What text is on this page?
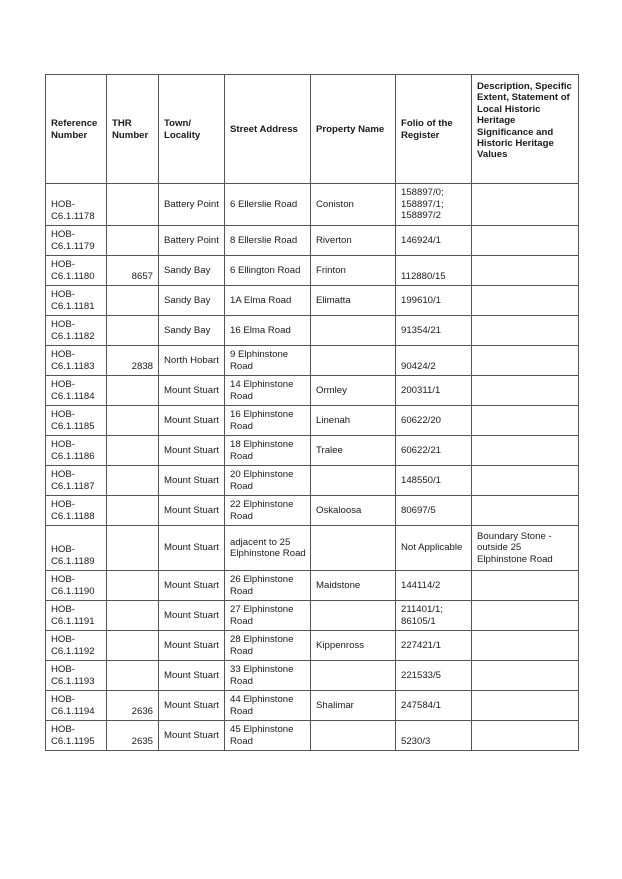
Reference Number	THR Number	Town/ Locality	Street Address	Property Name	Folio of the Register	Description, Specific Extent, Statement of Local Historic Heritage Significance and Historic Heritage Values
HOB-C6.1.1178		Battery Point	6 Ellerslie Road	Coniston	158897/0; 158897/1; 158897/2	
HOB-C6.1.1179		Battery Point	8 Ellerslie Road	Riverton	146924/1	
HOB-C6.1.1180	8657	Sandy Bay	6 Ellington Road	Frinton	112880/15	
HOB-C6.1.1181		Sandy Bay	1A Elma Road	Elimatta	199610/1	
HOB-C6.1.1182		Sandy Bay	16 Elma Road		91354/21	
HOB-C6.1.1183	2838	North Hobart	9 Elphinstone Road		90424/2	
HOB-C6.1.1184		Mount Stuart	14 Elphinstone Road	Ormley	200311/1	
HOB-C6.1.1185		Mount Stuart	16 Elphinstone Road	Linenah	60622/20	
HOB-C6.1.1186		Mount Stuart	18 Elphinstone Road	Tralee	60622/21	
HOB-C6.1.1187		Mount Stuart	20 Elphinstone Road		148550/1	
HOB-C6.1.1188		Mount Stuart	22 Elphinstone Road	Oskaloosa	80697/5	
HOB-C6.1.1189		Mount Stuart	adjacent to 25 Elphinstone Road		Not Applicable	Boundary Stone - outside 25 Elphinstone Road
HOB-C6.1.1190		Mount Stuart	26 Elphinstone Road	Maidstone	144114/2	
HOB-C6.1.1191		Mount Stuart	27 Elphinstone Road		211401/1; 86105/1	
HOB-C6.1.1192		Mount Stuart	28 Elphinstone Road	Kippenross	227421/1	
HOB-C6.1.1193		Mount Stuart	33 Elphinstone Road		221533/5	
HOB-C6.1.1194	2636	Mount Stuart	44 Elphinstone Road	Shalimar	247584/1	
HOB-C6.1.1195	2635	Mount Stuart	45 Elphinstone Road		5230/3	
